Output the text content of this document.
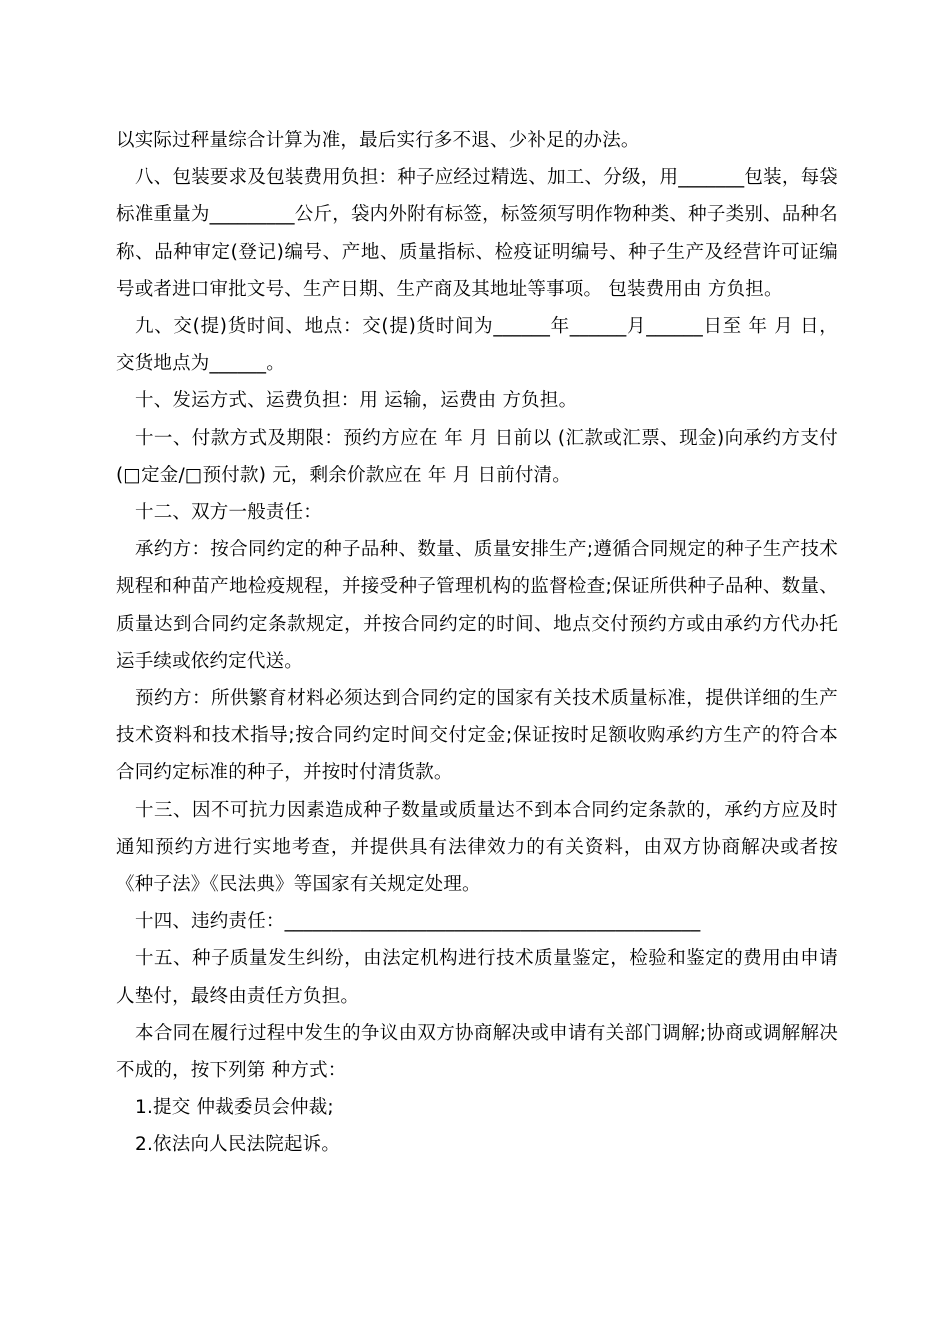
以实际过秤量综合计算为准，最后实行多不退、少补足的办法。

八、包装要求及包装费用负担：种子应经过精选、加工、分级，用_______包装，每袋标准重量为_________公斤，袋内外附有标签，标签须写明作物种类、种子类别、品种名称、品种审定(登记)编号、产地、质量指标、检疫证明编号、种子生产及经营许可证编号或者进口审批文号、生产日期、生产商及其地址等事项。 包装费用由 方负担。

九、交(提)货时间、地点：交(提)货时间为______年______月______日至 年 月 日，交货地点为______。

十、发运方式、运费负担：用 运输，运费由 方负担。

十一、付款方式及期限：预约方应在 年 月 日前以 (汇款或汇票、现金)向承约方支付(□定金/□预付款) 元，剩余价款应在 年 月 日前付清。

十二、双方一般责任：

承约方：按合同约定的种子品种、数量、质量安排生产;遵循合同规定的种子生产技术规程和种苗产地检疫规程，并接受种子管理机构的监督检查;保证所供种子品种、数量、质量达到合同约定条款规定，并按合同约定的时间、地点交付预约方或由承约方代办托运手续或依约定代送。

预约方：所供繁育材料必须达到合同约定的国家有关技术质量标准，提供详细的生产技术资料和技术指导;按合同约定时间交付定金;保证按时足额收购承约方生产的符合本合同约定标准的种子，并按时付清货款。

十三、因不可抗力因素造成种子数量或质量达不到本合同约定条款的，承约方应及时通知预约方进行实地考查，并提供具有法律效力的有关资料，由双方协商解决或者按《种子法》《民法典》等国家有关规定处理。

十四、违约责任：____________________________________________

十五、种子质量发生纠纷，由法定机构进行技术质量鉴定，检验和鉴定的费用由申请人垫付，最终由责任方负担。

本合同在履行过程中发生的争议由双方协商解决或申请有关部门调解;协商或调解解决不成的，按下列第 种方式：

1.提交 仲裁委员会仲裁;

2.依法向人民法院起诉。
